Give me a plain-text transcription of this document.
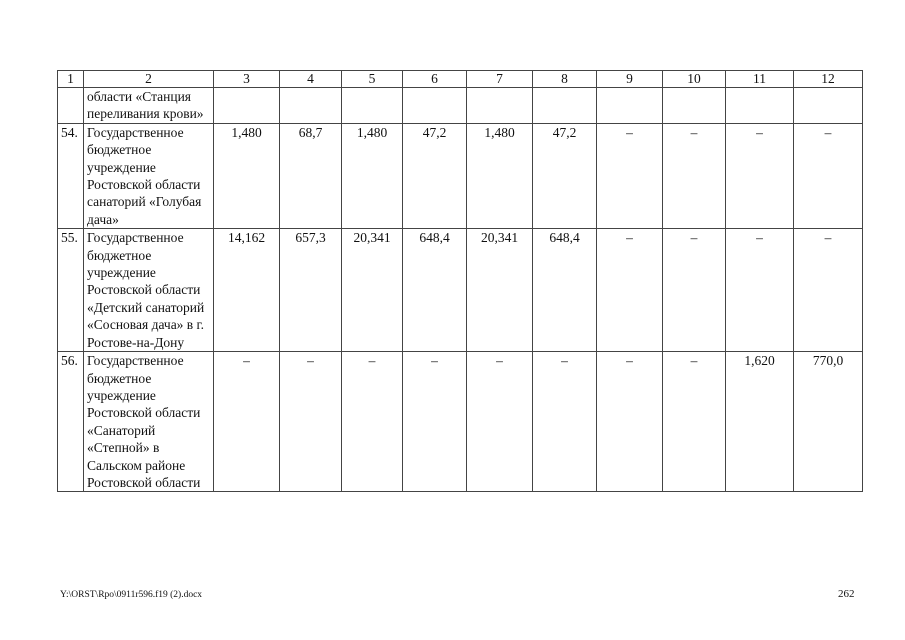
1	2	3	4	5	6	7	8	9	10	11	12
	области «Станция переливания крови»										
54.	Государственное бюджетное учреждение Ростовской области санаторий «Голубая дача»	1,480	68,7	1,480	47,2	1,480	47,2	–	–	–	–
55.	Государственное бюджетное учреждение Ростовской области «Детский санаторий «Сосновая дача» в г. Ростове-на-Дону	14,162	657,3	20,341	648,4	20,341	648,4	–	–	–	–
56.	Государственное бюджетное учреждение Ростовской области «Санаторий «Степной» в Сальском районе Ростовской области	–	–	–	–	–	–	–	–	1,620	770,0
Y:\ORST\Rpo\0911r596.f19 (2).docx	262
